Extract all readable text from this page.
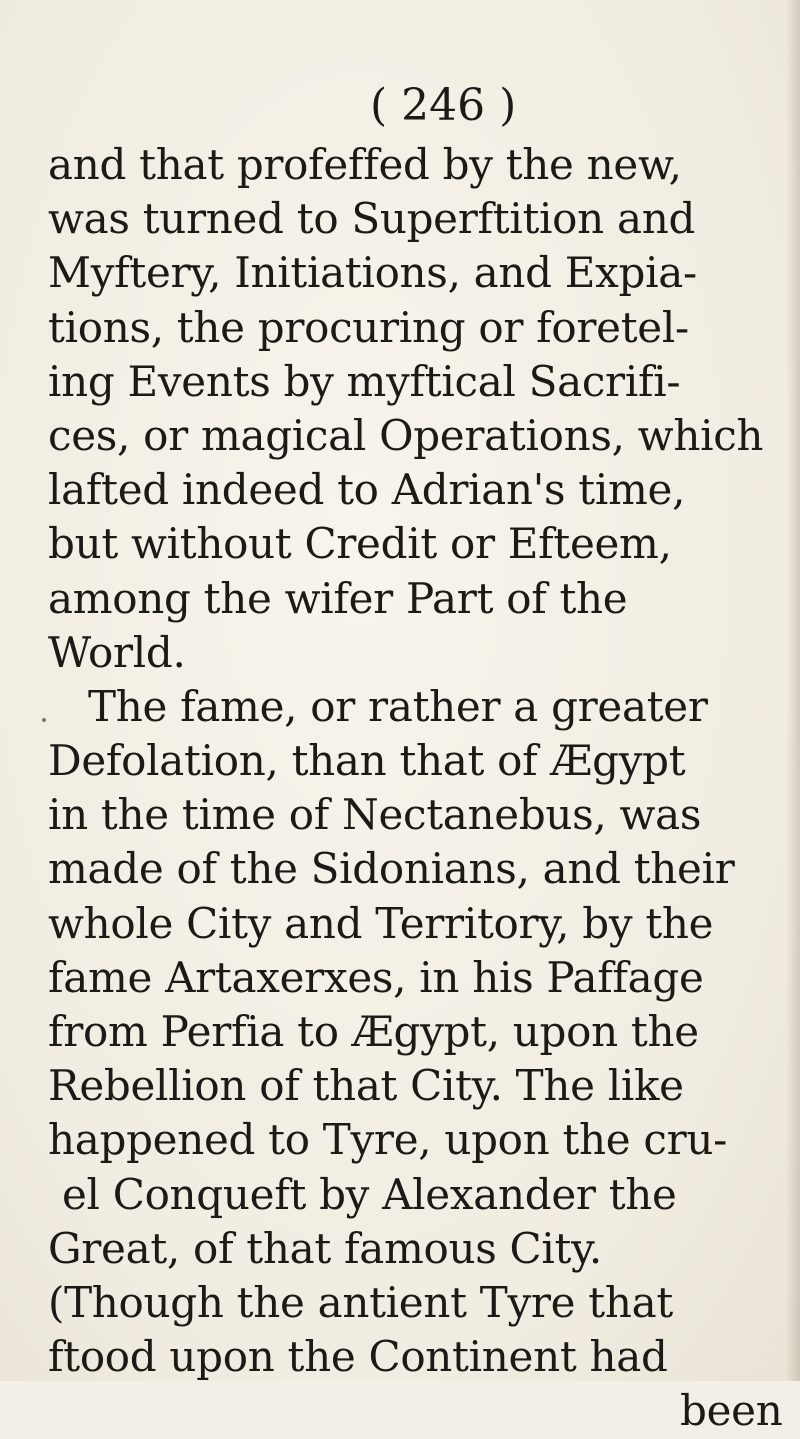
( 246 )
and that profeffed by the new,
was turned to Superftition and
Myftery, Initiations, and Expia-
tions, the procuring or foretel-
ing Events by myftical Sacrifi-
ces, or magical Operations, which
lafted indeed to Adrian's time,
but without Credit or Efteem,
among the wifer Part of the
World.
The fame, or rather a greater
Defolation, than that of Ægypt
in the time of Nectanebus, was
made of the Sidonians, and their
whole City and Territory, by the
fame Artaxerxes, in his Paffage
from Perfia to Ægypt, upon the
Rebellion of that City. The like
happened to Tyre, upon the cru-
el Conqueft by Alexander the
Great, of that famous City.
(Though the antient Tyre that
ftood upon the Continent had
been
